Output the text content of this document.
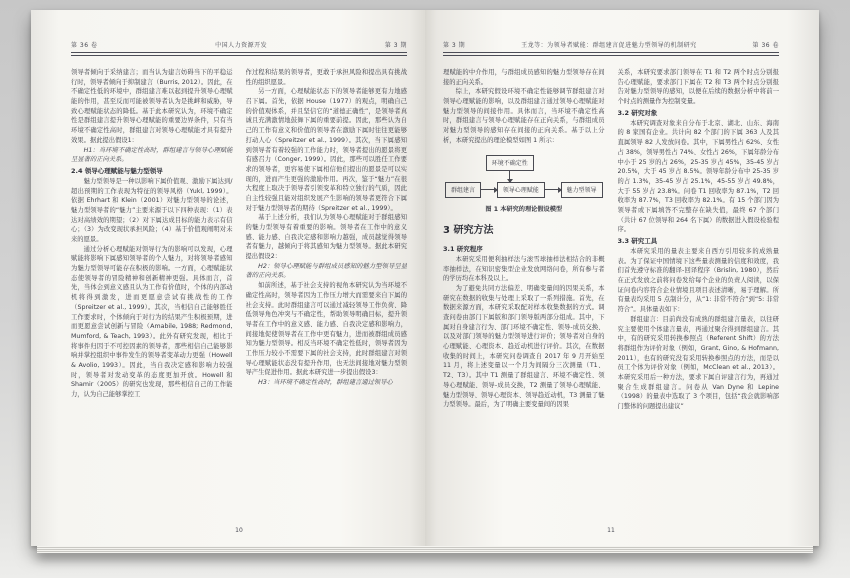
第 36 卷	中国人力资源开发	第 3 期
领导者倾向于采纳建言；而当认为建言妨碍当下的平稳运行时，领导者倾向于抑制建言（Burris, 2012）。因此，在不确定性低的环境中，群组建言难以起到提升领导心理赋能的作用，甚至反而可能被领导者认为是挑衅和威胁，导致心理赋能状态的降低。基于此本研究认为，环境不确定性是群组建言提升领导心理赋能的重要边界条件，只有当环境不确定性高时，群组建言对领导心理赋能才具有提升效果。据此提出假设1：
H1：当环境不确定性高时，群组建言与领导心理赋能呈显著的正向关系。
2.4 领导心理赋能与魅力型领导
魅力型领导是一种以影响下属价值观、激励下属达到/超出预期的工作表现为特征的领导风格（Yukl, 1999）。依据 Ehrhart 和 Klein（2001）对魅力型领导的论述，魅力型领导者的“魅力”主要来源于以下四种表现：（1）表达对高绩效的期望；（2）对下属达成目标的能力表示有信心；（3）为改变现状承担风险；（4）基于价值观阐明对未来的愿景。
通过分析心理赋能对领导行为的影响可以发现，心理赋能将影响下属感知领导者的个人魅力，对将领导者感知为魅力型领导可能存在积极的影响。一方面，心理赋能状态使领导者的冒险精神和创新精神更强。具体而言，首先，当体会到意义感且认为工作有价值时，个体的内部动机将得到激发，进而更愿意尝试有挑战性的工作（Spreitzer et al., 1999）。其次，当相信自己能够胜任工作要求时，个体倾向于对行为的结果产生积极预期，进而更愿意尝试创新与冒险（Amabile, 1988; Redmond, Mumford, & Teach, 1993）。此外有研究发现，相比于将事件归因于不可控因素的领导者，那些相信自己能够影响并掌控组织中事件发生的领导者变革动力更强（Howell & Avolio, 1993）。因此，当自我决定感和影响力较强时，领导者对发动变革的态度更加开放。Howell 和 Shamir（2005）的研究也发现，那些相信自己的工作能力，认为自己能够掌控工
作过程和结果的领导者，更敢于承担风险和提出具有挑战性的组织愿景。
另一方面，心理赋能状态下的领导者能够更有力地感召下属。首先，依据 House（1977）的观点，明确自己的价值观体系，并且坚信它的“道德正确性”，是领导者真诚且充满激情地鼓舞下属的重要前提。因此，那些认为自己的工作有意义和价值的领导者在激励下属时往往更能够打动人心（Spreitzer et al., 1999）。其次，当下属感知到领导者有着较强的工作能力时，领导者提出的愿景将更有感召力（Conger, 1999）。因此，那些可以胜任工作要求的领导者，更容易使下属相信他们提出的愿景是可以实现的，进而产生更强的激励作用。再次，鉴于“魅力”在很大程度上取决于领导者引领变革和特立独行的气质，因此自主性较强且能对组织发展产生影响的领导者更符合下属对于魅力型领导者的期待（Spreitzer et al., 1999）。
基于上述分析，我们认为领导心理赋能对于群组感知的魅力型领导有着重要的影响。领导者在工作中的意义感、能力感、自我决定感和影响力越强，成员越觉得领导者有魅力，越倾向于将其感知为魅力型领导。据此本研究提出假设2：
H2：领导心理赋能与群组成员感知的魅力型领导呈显著的正向关系。
如前所述，基于社会支持的视角本研究认为当环境不确定性高时，领导者因为工作压力增大而需要来自下属的社会支持。此时群组建言可以通过减轻领导工作负荷、降低领导角色冲突与不确定性，帮助领导明确目标，提升领导者在工作中的意义感、能力感、自我决定感和影响力，间接地促使领导者在工作中更有魅力，进而被群组成员感知为魅力型领导。相反当环境不确定性低时，领导者因为工作压力较小不需要下属的社会支持，此时群组建言对领导心理赋能状态没有提升作用，也无法间接地对魅力型领导产生促进作用。据此本研究进一步提出假设3：
H3：当环境不确定性高时，群组建言通过领导心
10
第 3 期	王龙等：为领导者赋能：群组建言促进魅力型领导的机制研究	第 36 卷
理赋能的中介作用，与群组成员感知的魅力型领导存在间接的正向关系。
综上，本研究假设环境不确定性能够调节群组建言对领导心理赋能的影响，以及群组建言通过领导心理赋能对魅力型领导的间接作用。具体而言，当环境不确定性高时，群组建言与领导心理赋能存在正向关系，与群组成员对魅力型领导的感知存在间接的正向关系。基于以上分析，本研究提出的理论模型如图 1 所示：
环境不确定性
群组建言	领导心理赋能	魅力型领导
图 1 本研究的理论假设模型
3 研究方法
3.1 研究程序
本研究采用便利抽样法与滚雪球抽样法相结合的非概率抽样法，在知识密集型企业发放网络问卷，所有参与者的学历均在本科及以上。
为了避免共同方法偏差、明确变量间的因果关系，本研究在数据的收集与处理上采取了一系列措施。首先，在数据来源方面，本研究采取配对样本收集数据的方式。调查问卷由部门下属版和部门领导版两部分组成。其中，下属对自身建言行为、部门环境不确定性、领导-成员交换、以及对部门领导的魅力型领导进行评价；领导者对自身的心理赋能、心理资本、趋近动机进行评价。其次，在数据收集的时间上，本研究问卷调查自 2017 年 9 月开始至 11 月，将上述变量以一个月为间隔分三次测量（T1、T2、T3）。其中 T1 测量了群组建言、环境不确定性、领导心理赋能、领导-成员交换，T2 测量了领导心理赋能、魅力型领导、领导心理资本、领导趋近动机，T3 测量了魅力型领导。最后，为了明确主要变量间的因果
关系，本研究要求部门领导在 T1 和 T2 两个时点分别报告心理赋能，要求部门下属在 T2 和 T3 两个时点分别报告对魅力型领导的感知，以便在后续的数据分析中将前一个时点的测量作为控制变量。
3.2 研究对象
本研究调查对象来自分布于北京、湖北、山东、海南的 8 家国有企业。共计向 82 个部门的下属 363 人及其直属领导 82 人发放问卷。其中，下属男性占 62%、女性占 38%，领导男性占 74%、女性占 26%，下属年龄分布中小于 25 岁的占 26%，25-35 岁占 45%，35-45 岁占 20.5%，大于 45 岁占 8.5%。领导年龄分布中 25-35 岁的占 1.3%，35-45 岁占 25.1%，45-55 岁占 49.8%，大于 55 岁占 23.8%。问卷 T1 回收率为 87.1%，T2 回收率为 87.7%，T3 回收率为 82.1%。有 15 个部门因为领导者或下属填答不完整存在缺失值，最终 67 个部门（共计 67 位领导和 264 名下属）的数据进入假设检验程序。
3.3 研究工具
本研究采用的量表主要来自西方引用较多的成熟量表。为了保证中国情境下这些量表测量的信度和效度，我们首先遵守标准的翻译-回译程序（Brislin, 1980），然后在正式发放之前将问卷发给每个企业的负责人阅读，以保证问卷内容符合企业情境且项目表述清晰，易于理解。所有量表均采用 5 点制计分，从“1: 非常不符合”到“5: 非常符合”。具体量表如下：
群组建言：目前尚没有成熟的群组建言量表，以往研究主要使用个体建言量表，再通过聚合得到群组建言。其中，有的研究采用转换参照点（Referent Shift）的方法将群组作为评价对象（例如，Grant, Gino, & Hofmann, 2011），也有的研究没有采用转换参照点的方法，而是以员工个体为评价对象（例如，McClean et al., 2013）。本研究采用后一种方法，要求下属自评建言行为，再通过聚合生成群组建言。问卷从 Van Dyne 和 Lepine（1998）的量表中选取了 3 个项目，包括“我会就影响部门整体的问题提出建议”
11
